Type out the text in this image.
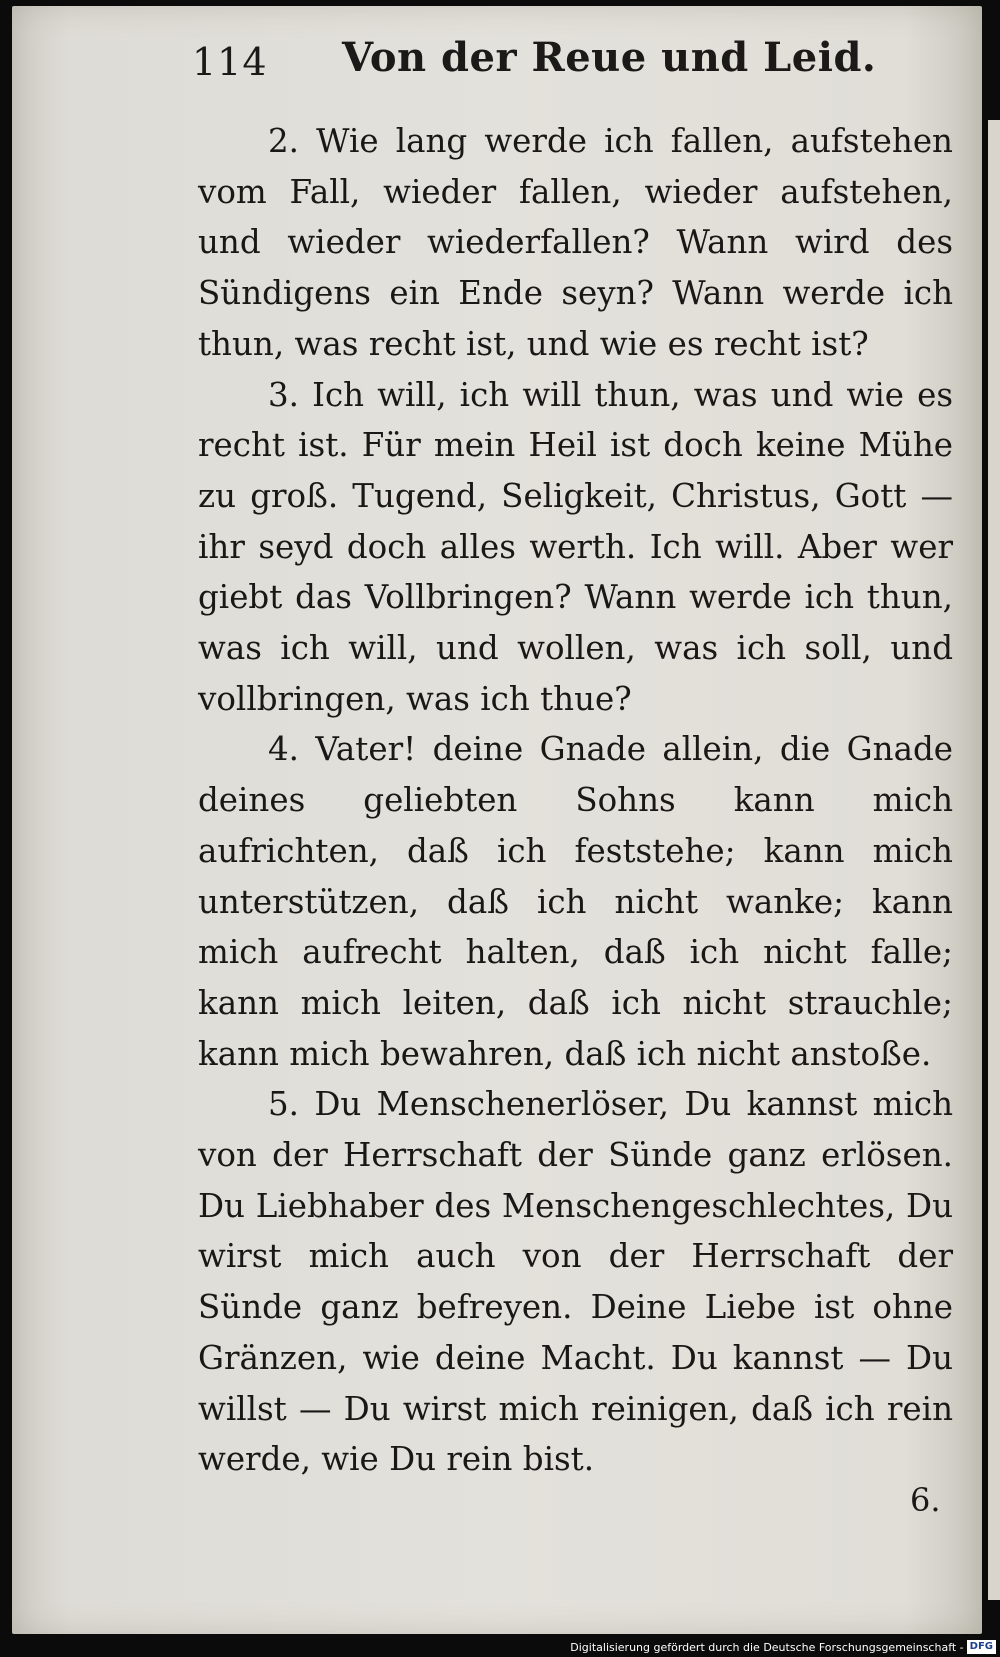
114 Von der Reue und Leid.

2. Wie lang werde ich fallen, aufstehen vom Fall, wieder fallen, wieder aufstehen, und wieder wiederfallen? Wann wird des Sündigens ein Ende seyn? Wann werde ich thun, was recht ist, und wie es recht ist?

3. Ich will, ich will thun, was und wie es recht ist. Für mein Heil ist doch keine Mühe zu groß. Tugend, Seligkeit, Christus, Gott — ihr seyd doch alles werth. Ich will. Aber wer giebt das Vollbringen? Wann werde ich thun, was ich will, und wollen, was ich soll, und vollbringen, was ich thue?

4. Vater! deine Gnade allein, die Gnade deines geliebten Sohns kann mich aufrichten, daß ich feststehe; kann mich unterstützen, daß ich nicht wanke; kann mich aufrecht halten, daß ich nicht falle; kann mich leiten, daß ich nicht strauchle; kann mich bewahren, daß ich nicht anstoße.

5. Du Menschenerlöser, Du kannst mich von der Herrschaft der Sünde ganz erlösen. Du Liebhaber des Menschengeschlechtes, Du wirst mich auch von der Herrschaft der Sünde ganz befreyen. Deine Liebe ist ohne Gränzen, wie deine Macht. Du kannst — Du willst — Du wirst mich reinigen, daß ich rein werde, wie Du rein bist.

6.
Digitalisierung gefördert durch die Deutsche Forschungsgemeinschaft - DFG
